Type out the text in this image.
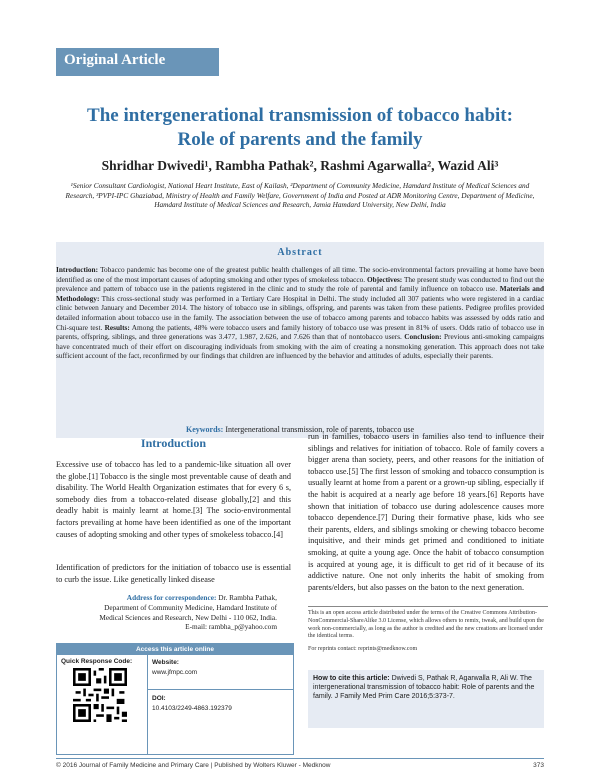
Original Article
The intergenerational transmission of tobacco habit:
Role of parents and the family
Shridhar Dwivedi¹, Rambha Pathak², Rashmi Agarwalla², Wazid Ali³
¹Senior Consultant Cardiologist, National Heart Institute, East of Kailash, ²Department of Community Medicine, Hamdard Institute of Medical Sciences and Research, ³PVPI-IPC Ghaziabad, Ministry of Health and Family Welfare, Government of India and Posted at ADR Monitoring Centre, Department of Medicine, Hamdard Institute of Medical Sciences and Research, Jamia Hamdard University, New Delhi, India
Abstract
Introduction: Tobacco pandemic has become one of the greatest public health challenges of all time. The socio-environmental factors prevailing at home have been identified as one of the most important causes of adopting smoking and other types of smokeless tobacco. Objectives: The present study was conducted to find out the prevalence and pattern of tobacco use in the patients registered in the clinic and to study the role of parental and family influence on tobacco use. Materials and Methodology: This cross-sectional study was performed in a Tertiary Care Hospital in Delhi. The study included all 307 patients who were registered in a cardiac clinic between January and December 2014. The history of tobacco use in siblings, offspring, and parents was taken from these patients. Pedigree profiles provided detailed information about tobacco use in the family. The association between the use of tobacco among parents and tobacco habits was assessed by odds ratio and Chi-square test. Results: Among the patients, 48% were tobacco users and family history of tobacco use was present in 81% of users. Odds ratio of tobacco use in parents, offspring, siblings, and three generations was 3.477, 1.987, 2.626, and 7.626 than that of nontobacco users. Conclusion: Previous anti-smoking campaigns have concentrated much of their effort on discouraging individuals from smoking with the aim of creating a nonsmoking generation. This approach does not take sufficient account of the fact, reconfirmed by our findings that children are influenced by the behavior and attitudes of adults, especially their parents.
Keywords: Intergenerational transmission, role of parents, tobacco use
Introduction
Excessive use of tobacco has led to a pandemic-like situation all over the globe.[1] Tobacco is the single most preventable cause of death and disability. The World Health Organization estimates that for every 6 s, somebody dies from a tobacco-related disease globally,[2] and this deadly habit is mainly learnt at home.[3] The socio-environmental factors prevailing at home have been identified as one of the important causes of adopting smoking and other types of smokeless tobacco.[4]
Identification of predictors for the initiation of tobacco use is essential to curb the issue. Like genetically linked disease
run in families, tobacco users in families also tend to influence their siblings and relatives for initiation of tobacco. Role of family covers a bigger arena than society, peers, and other reasons for the initiation of tobacco use.[5] The first lesson of smoking and tobacco consumption is usually learnt at home from a parent or a grown-up sibling, especially if the habit is acquired at a nearly age before 18 years.[6] Reports have shown that initiation of tobacco use during adolescence causes more tobacco dependence.[7] During their formative phase, kids who see their parents, elders, and siblings smoking or chewing tobacco become inquisitive, and their minds get primed and conditioned to initiate smoking, at quite a young age. Once the habit of tobacco consumption is acquired at young age, it is difficult to get rid of it because of its addictive nature. One not only inherits the habit of smoking from parents/elders, but also passes on the baton to the next generation.
Address for correspondence: Dr. Rambha Pathak,
Department of Community Medicine, Hamdard Institute of
Medical Sciences and Research, New Delhi - 110 062, India.
E-mail: rambha_p@yahoo.com
Access this article online
Quick Response Code:	Website:
www.jfmpc.com
DOI:
10.4103/2249-4863.192379
This is an open access article distributed under the terms of the Creative Commons Attribution-NonCommercial-ShareAlike 3.0 License, which allows others to remix, tweak, and build upon the work non-commercially, as long as the author is credited and the new creations are licensed under the identical terms.
For reprints contact: reprints@medknow.com
How to cite this article: Dwivedi S, Pathak R, Agarwalla R, Ali W. The intergenerational transmission of tobacco habit: Role of parents and the family. J Family Med Prim Care 2016;5:373-7.
© 2016 Journal of Family Medicine and Primary Care | Published by Wolters Kluwer - Medknow	373
